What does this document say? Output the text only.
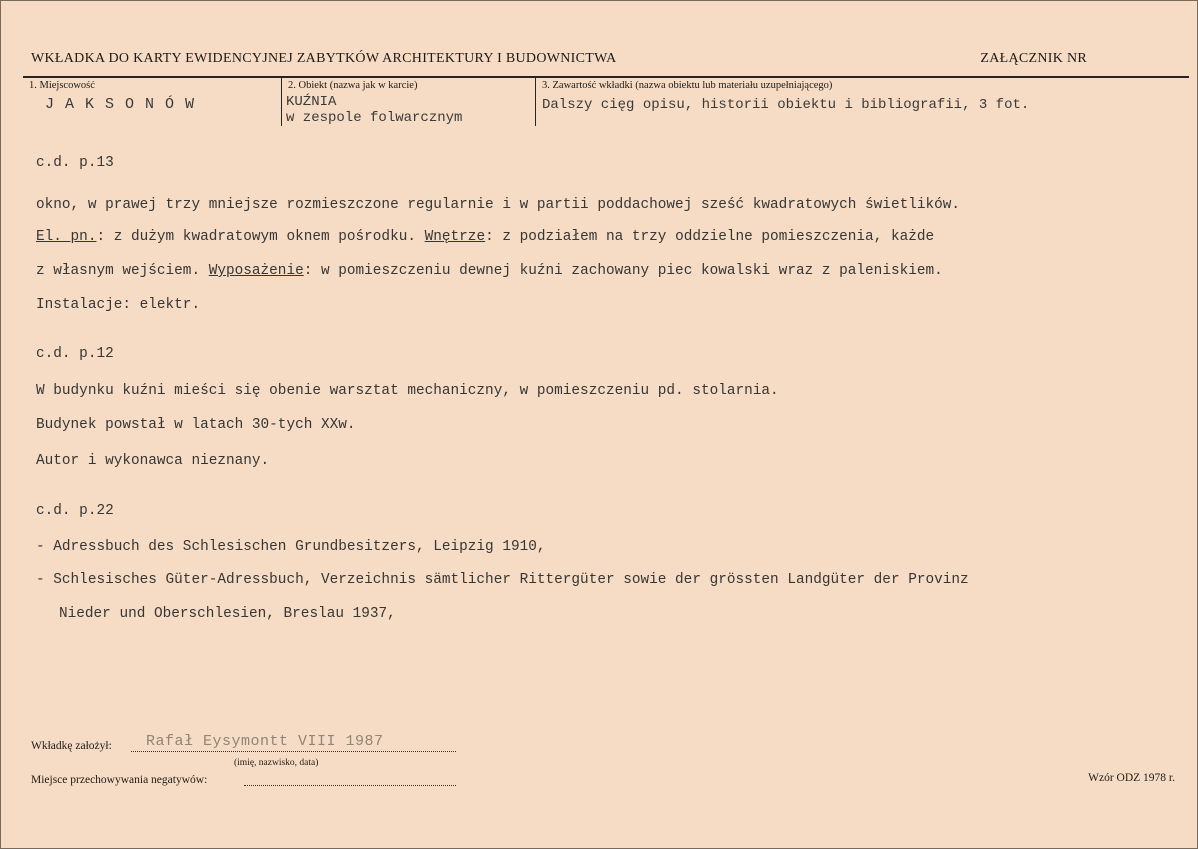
WKŁADKA DO KARTY EWIDENCYJNEJ ZABYTKÓW ARCHITEKTURY I BUDOWNICTWA	ZAŁĄCZNIK NR
1. Miejscowość
JAKSONÓW
2. Obiekt (nazwa jak w karcie)
KUŹNIA
w zespole folwarcznym
3. Zawartość wkładki (nazwa obiektu lub materiału uzupełniającego)
Dalszy cięg opisu, historii obiektu i bibliografii, 3 fot.
c.d. p.13
okno, w prawej trzy mniejsze rozmieszczone regularnie i w partii poddachowej sześć kwadratowych świetlików.
El. pn.: z dużym kwadratowym oknem pośrodku. Wnętrze: z podziałem na trzy oddzielne pomieszczenia, każde
z własnym wejściem. Wyposażenie: w pomieszczeniu dewnej kuźni zachowany piec kowalski wraz z paleniskiem.
Instalacje: elektr.
c.d. p.12
W budynku kuźni mieści się obenie warsztat mechaniczny, w pomieszczeniu pd. stolarnia.
Budynek powstał w latach 30-tych XXw.
Autor i wykonawca nieznany.
c.d. p.22
- Adressbuch des Schlesischen Grundbesitzers, Leipzig 1910,
- Schlesisches Güter-Adressbuch, Verzeichnis sämtlicher Rittergüter sowie der grössten Landgüter der Provinz
Nieder und Oberschlesien, Breslau 1937,
Wkładkę założył: Rafał Eysymontt VIII 1987
(imię, nazwisko, data)
Miejsce przechowywania negatywów:	Wzór ODZ 1978 r.
